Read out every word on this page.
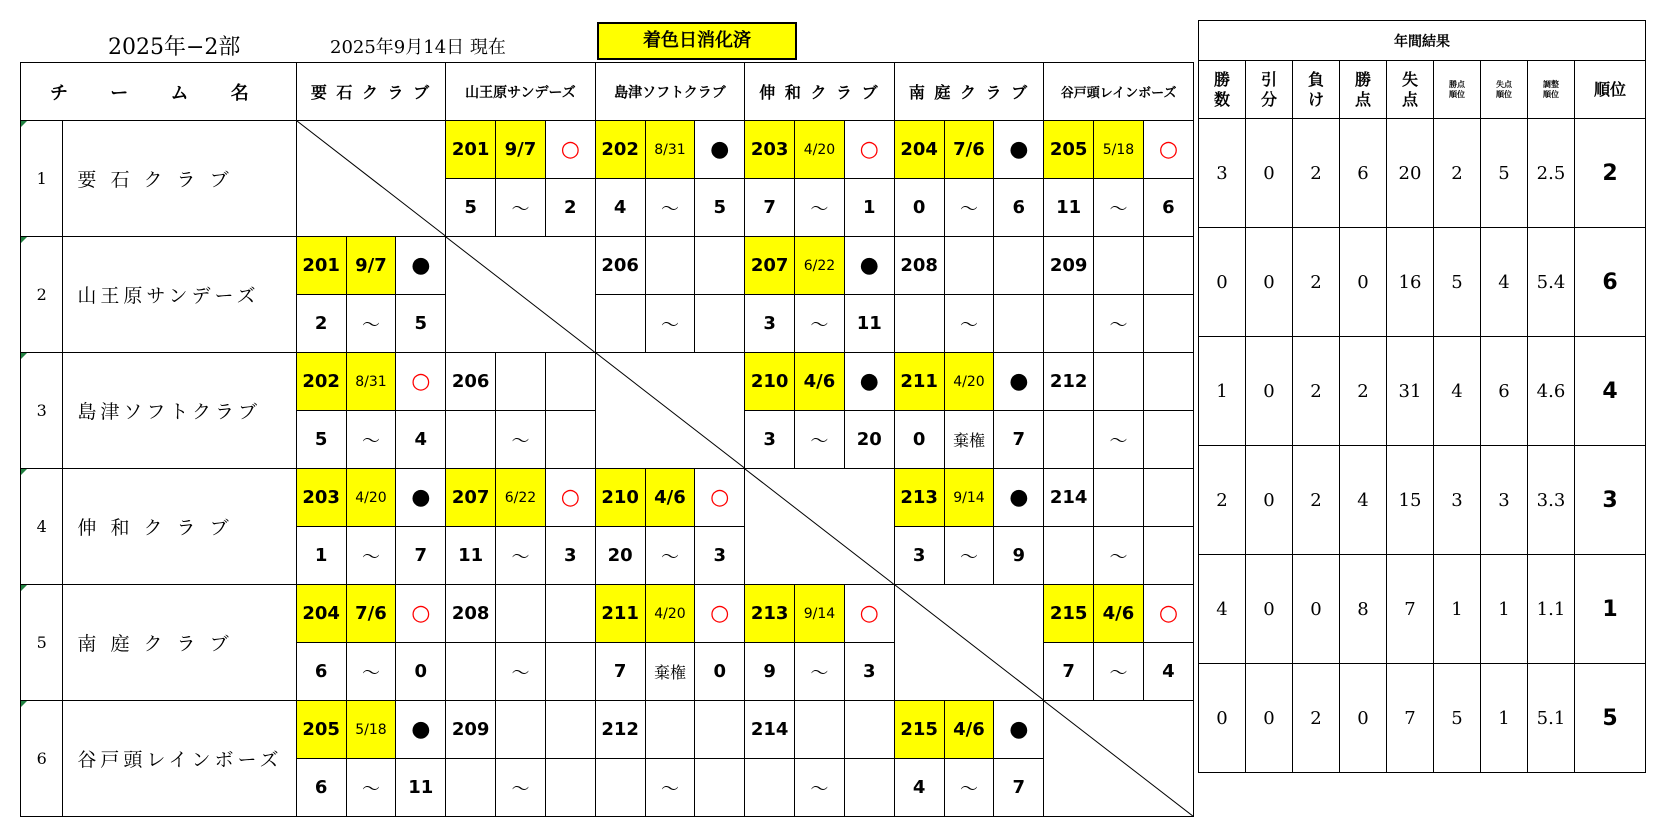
2025年−2部	2025年9月14日 現在	着色日消化済
チ ー ム 名		要 石 ク ラ ブ			山王原サンデーズ			島津ソフトクラブ			伸 和 ク ラ ブ			南 庭 ク ラ ブ			谷戸頭レインボーズ		
1	要 石 ク ラ ブ				201	9/7	○	202	8/31	●	203	4/20	○	204	7/6	●	205	5/18	○
					5	〜	2	4	〜	5	7	〜	1	0	〜	6	11	〜	6
2	山王原サンデーズ	201	9/7	●				206			207	6/22	●	208			209		
		2	〜	5					〜		3	〜	11		〜			〜	
3	島津ソフトクラブ	202	8/31	○	206						210	4/6	●	211	4/20	●	212		
		5	〜	4		〜					3	〜	20	0	棄権	7		〜	
4	伸 和 ク ラ ブ	203	4/20	●	207	6/22	○	210	4/6	○				213	9/14	●	214		
		1	〜	7	11	〜	3	20	〜	3				3	〜	9		〜	
5	南 庭 ク ラ ブ	204	7/6	○	208			211	4/20	○	213	9/14	○				215	4/6	○
		6	〜	0		〜		7	棄権	0	9	〜	3				7	〜	4
6	谷戸頭レインボーズ	205	5/18	●	209			212			214			215	4/6	●	

		6	〜	11		〜			〜			〜		4	〜	7			
年間結果								
勝数	引分	負け	勝点	失点	勝点順位	失点順位	調整順位	順位
3	0	2	6	20	2	5	2.5	2
0	0	2	0	16	5	4	5.4	6
1	0	2	2	31	4	6	4.6	4
2	0	2	4	15	3	3	3.3	3
4	0	0	8	7	1	1	1.1	1
0	0	2	0	7	5	1	5.1	5
